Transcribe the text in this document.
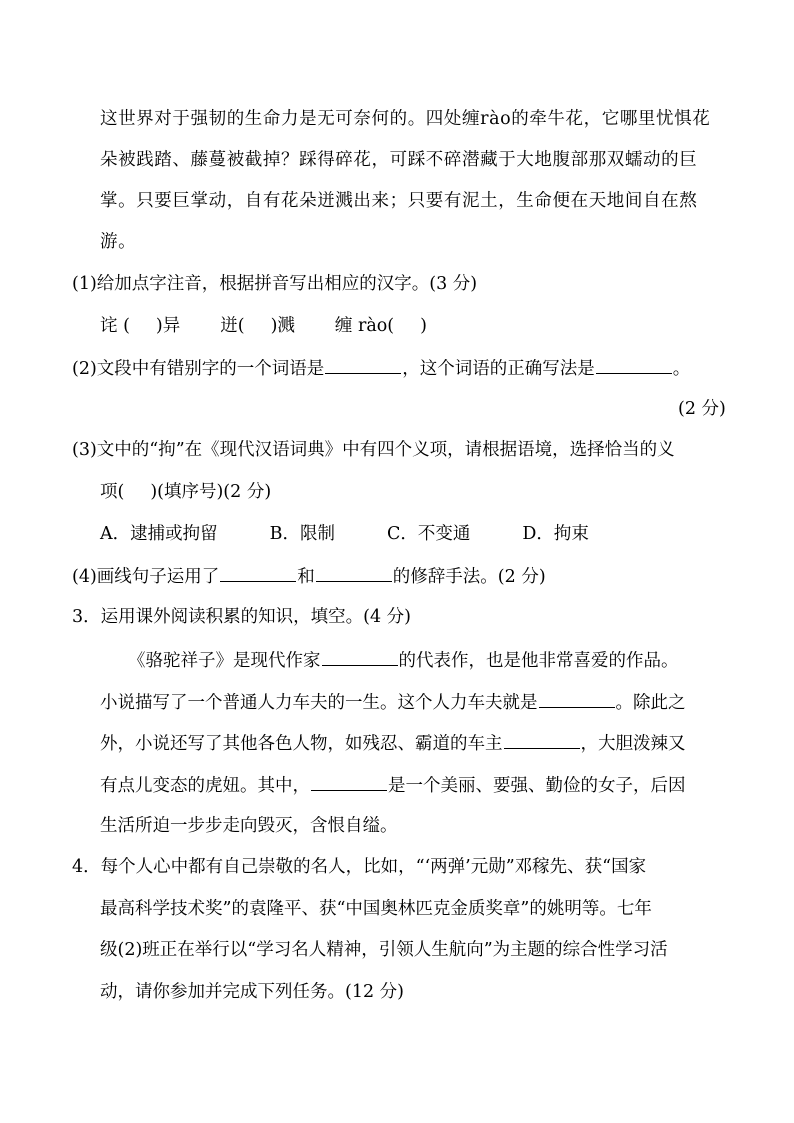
这世界对于强韧的生命力是无可奈何的。四处缠rào的牵牛花，它哪里忧惧花
朵被践踏、藤蔓被截掉？踩得碎花，可踩不碎潜藏于大地腹部那双蠕动的巨
掌。只要巨掌动，自有花朵迸溅出来；只要有泥土，生命便在天地间自在熬
游。
(1)给加点字注音，根据拼音写出相应的汉字。(3 分)
诧 ( )异 迸( )溅 缠 rào( )
(2)文段中有错别字的一个词语是	，这个词语的正确写法是	。
(2 分)
(3)文中的“拘”在《现代汉语词典》中有四个义项，请根据语境，选择恰当的义
项( )(填序号)(2 分)
A．逮捕或拘留	B．限制	C．不变通	D．拘束
(4)画线句子运用了	和	的修辞手法。(2 分)
3．运用课外阅读积累的知识，填空。(4 分)
《骆驼祥子》是现代作家	的代表作，也是他非常喜爱的作品。
小说描写了一个普通人力车夫的一生。这个人力车夫就是	。除此之
外，小说还写了其他各色人物，如残忍、霸道的车主	，大胆泼辣又
有点儿变态的虎妞。其中，	是一个美丽、要强、勤俭的女子，后因
生活所迫一步步走向毁灭，含恨自缢。
4．每个人心中都有自己崇敬的名人，比如，“‘两弹’元勋”邓稼先、获“国家
最高科学技术奖”的袁隆平、获“中国奥林匹克金质奖章”的姚明等。七年
级(2)班正在举行以“学习名人精神，引领人生航向”为主题的综合性学习活
动，请你参加并完成下列任务。(12 分)
